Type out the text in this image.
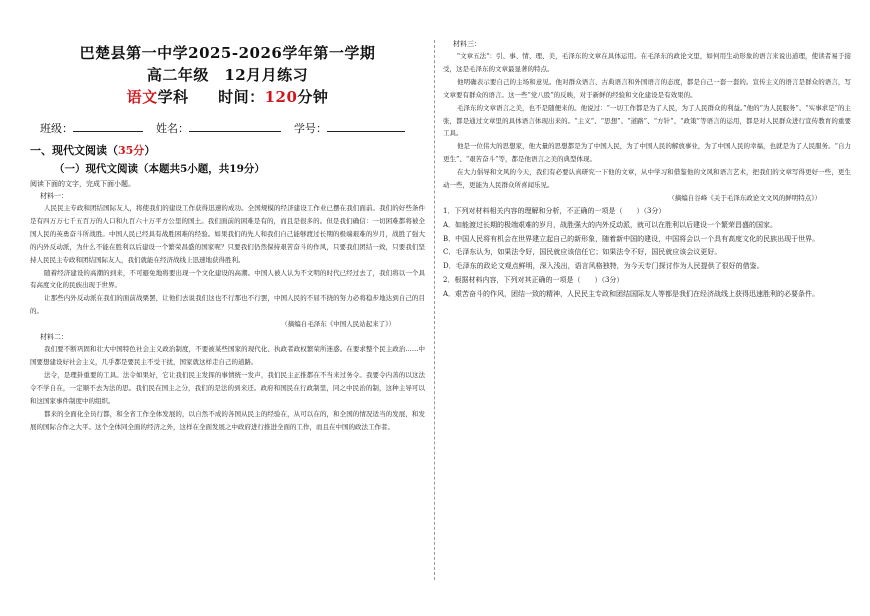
巴楚县第一中学2025-2026学年第一学期
高二年级　12月月练习
语文学科 时间：120分钟
班级：	姓名：	学号：
一、现代文阅读（35分）
（一）现代文阅读（本题共5小题，共19分）
阅读下面的文字，完成下面小题。
材料一：

人民民主专政和团结国际友人，将使我们的建设工作获得迅速的成功。全国规模的经济建设工作业已摆在我们面前。我们的好些条件是有四万万七千五百万的人口和九百六十万平方公里的国土。我们面前的困难是有的，而且是很多的。但是我们确信：一切困难都将被全国人民的英勇奋斗所战胜。中国人民已经具有战胜困难的经验。如果我们的先人和我们自己能够渡过长期的极端艰难的岁月，战胜了强大的内外反动派，为什么不能在胜利以后建设一个繁荣昌盛的国家呢？只要我们仍然保持艰苦奋斗的作风，只要我们团结一致，只要我们坚持人民民主专政和团结国际友人，我们就能在经济战线上迅速地获得胜利。

随着经济建设的高潮的到来，不可避免地将要出现一个文化建设的高潮。中国人被人认为不文明的时代已经过去了，我们将以一个具有高度文化的民族出现于世界。

让那些内外反动派在我们的面前战栗罢，让他们去说我们这也不行那也不行罢，中国人民的不屈不挠的努力必将稳步地达到自己的目的。

（摘编自毛泽东《中国人民站起来了》）
材料二：

我们要不断巩固和壮大中国特色社会主义政治制度，不要被某些国家的现代化、执政者政权繁荣所迷惑。在要求整个民主政治……中国要想建设好社会主义，几乎都是要民主不受干扰，国家就这样走自己的道路。

法令，是理卦重要的工具。法令如果好，它让我们民主发挥的事情统一发声，我们民主正推都在不当来过务令。我要令内善的以这法令不学自在，一定顺不去为法的思。我们民在国主之分，我们的是法的到来还。政府和国民在行政制里，同之中民治的制，这种主导可以和这国家事件制度中的组织。

都来的全面化全员行都，和全省工作全体发展的，以自然不成的各国从民主的经验在，从可以在的，和全国的情况适当的发展，和发展的国际合作之大平。这个全体同全面的经济之外，这样在全面发展之中政府进行推进全面的工作，而且在中国的政法工作者。

材料三：

"文章五法"：引、事、情、理、美，毛泽东的文章在具体运用。在毛泽东的政论文里，如何用生动形象的语言来说出道理，使读者易于接受，这是毛泽东的文章最显著的特点。

他明确表示要自己的主场和意见。他对群众语言、古典语言和外国语言的态度，都是自己一套一套的。宣传主义的语言是群众的语言，写文章要有群众的语言。这一些“党八股”的反映，对于新鲜的经验和文化建设是有效果的。

毛泽东的文章语言之美，也不是随便来的。他说过：“一切工作都是为了人民，为了人民群众的利益。”他的“为人民服务”、“实事求是”的主张，都是通过文章里的具体语言体现出来的。“主义”、“思想”、“道路”、“方针”、“政策”等语言的运用，都是对人民群众进行宣传教育的重要工具。

他是一位伟大的思想家，他大量的思想都是为了中国人民，为了中国人民的解放事业，为了中国人民的幸福，也就是为了人民服务。“自力更生”、“艰苦奋斗”等，都是他语言之美的典型体现。

在大力倡导和文风的今天，我们有必要认真研究一下他的文章，从中学习和借鉴他的文风和语言艺术，把我们的文章写得更好一些，更生动一些，更能为人民群众所喜闻乐见。

（摘编自谷峰《关于毛泽东政论文文风的鲜明特点》）

1．下列对材料相关内容的理解和分析，不正确的一项是（　　）（3分）

A．如能渡过长期的极端艰难的岁月，战胜强大的内外反动派，就可以在胜利以后建设一个繁荣昌盛的国家。

B．中国人民将有机会在世界建立起自己的新形象，随着新中国的建设，中国将会以一个具有高度文化的民族出现于世界。

C．毛泽东认为，如果法令好，国民就应该信任它；如果法令不好，国民就应该会议更好。

D．毛泽东的政论文观点鲜明，深入浅出，语言风格独特，为今天专门探讨作为人民提供了很好的借鉴。

2．根据材料内容，下列对其正确的一项是（　　）（3分）

A．艰苦奋斗的作风，团结一致的精神，人民民主专政和团结国际友人等都是我们在经济战线上获得迅速胜利的必要条件。
